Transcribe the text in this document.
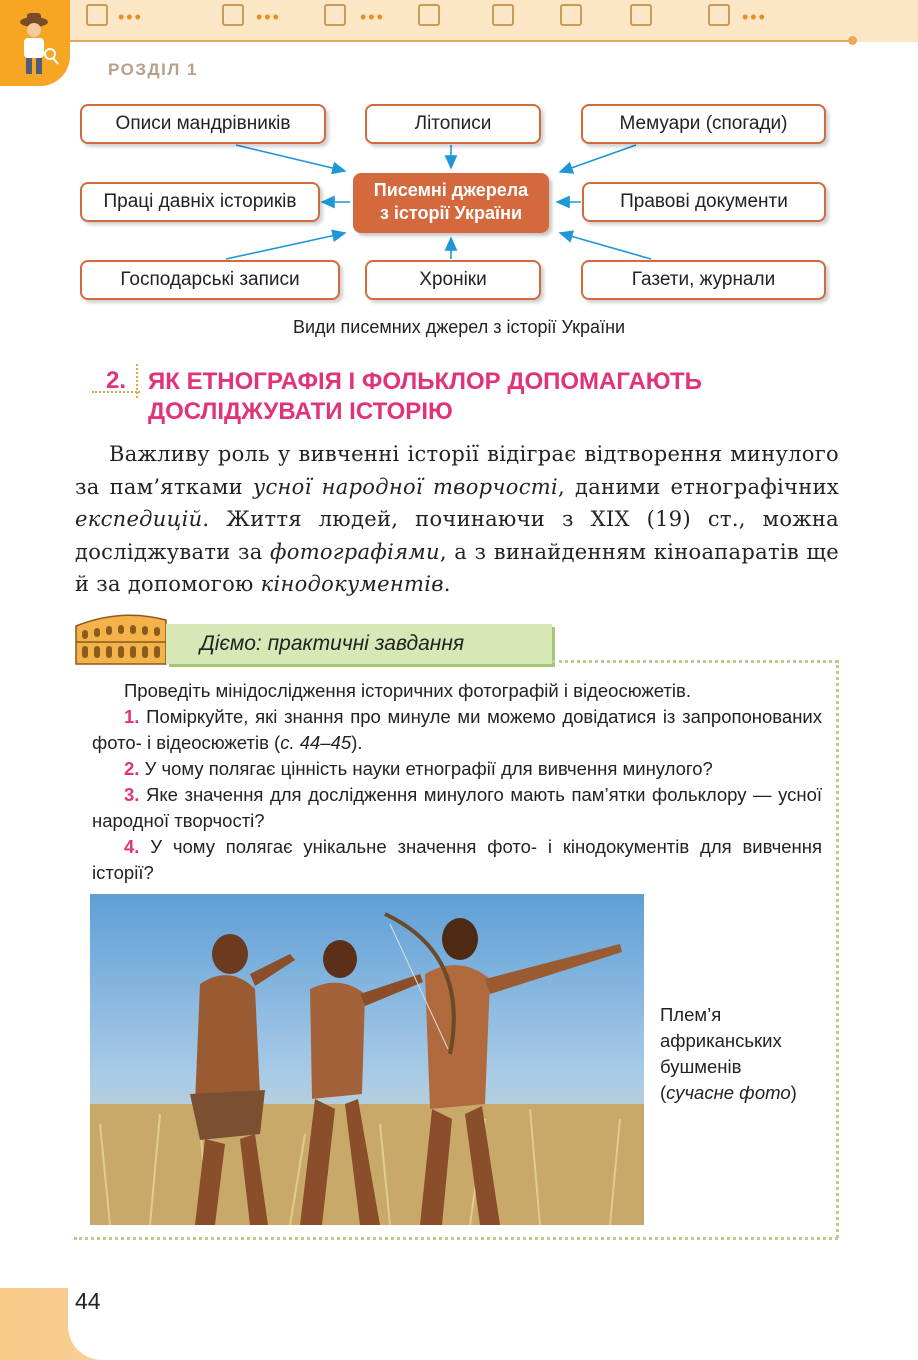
•••	•••	•••	•••
РОЗДІЛ 1
Описи мандрівників	Літописи	Мемуари (спогади)
Праці давніх істориків	Правові документи
Господарські записи	Хроніки	Газети, журнали
Писемні джерела
з історії України
Види писемних джерел з історії України
2. ЯК ЕТНОГРАФІЯ І ФОЛЬКЛОР ДОПОМАГАЮТЬ
ДОСЛІДЖУВАТИ ІСТОРІЮ
Важливу роль у вивченні історії відіграє відтворення минулого за пам’ятками усної народної творчості, даними етнографічних експедицій. Життя людей, починаючи з XIX (19) ст., можна досліджувати за фотографіями, а з винайденням кіноапаратів ще й за допомогою кінодокументів.
Дiємо: практичні завдання

Проведіть мінідослідження історичних фотографій і відеосюжетів.

1. Поміркуйте, які знання про минуле ми можемо довідатися із запропонованих фото- і відеосюжетів (с. 44–45).

2. У чому полягає цінність науки етнографії для вивчення минулого?

3. Яке значення для дослідження минулого мають пам’ятки фольклору — усної народної творчості?

4. У чому полягає унікальне значення фото- і кінодокументів для вивчення історії?

Плем’я
африканських
бушменів
(сучасне фото)
44
